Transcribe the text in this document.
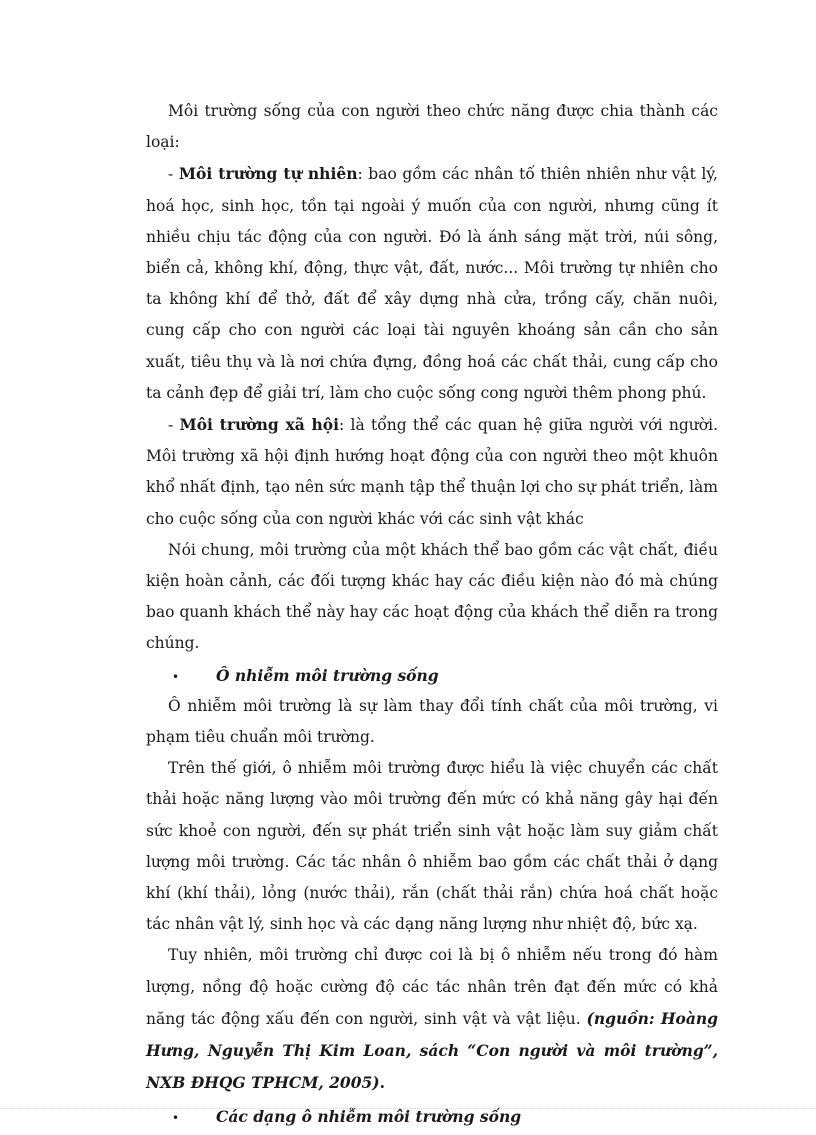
Môi trường sống của con người theo chức năng được chia thành các loại:

- Môi trường tự nhiên: bao gồm các nhân tố thiên nhiên như vật lý, hoá học, sinh học, tồn tại ngoài ý muốn của con người, nhưng cũng ít nhiều chịu tác động của con người. Đó là ánh sáng mặt trời, núi sông, biển cả, không khí, động, thực vật, đất, nước... Môi trường tự nhiên cho ta không khí để thở, đất để xây dựng nhà cửa, trồng cấy, chăn nuôi, cung cấp cho con người các loại tài nguyên khoáng sản cần cho sản xuất, tiêu thụ và là nơi chứa đựng, đồng hoá các chất thải, cung cấp cho ta cảnh đẹp để giải trí, làm cho cuộc sống cong người thêm phong phú.

- Môi trường xã hội: là tổng thể các quan hệ giữa người với người. Môi trường xã hội định hướng hoạt động của con người theo một khuôn khổ nhất định, tạo nên sức mạnh tập thể thuận lợi cho sự phát triển, làm cho cuộc sống của con người khác với các sinh vật khác

Nói chung, môi trường của một khách thể bao gồm các vật chất, điều kiện hoàn cảnh, các đối tượng khác hay các điều kiện nào đó mà chúng bao quanh khách thể này hay các hoạt động của khách thể diễn ra trong chúng.

•	Ô nhiễm môi trường sống

Ô nhiễm môi trường là sự làm thay đổi tính chất của môi trường, vi phạm tiêu chuẩn môi trường.

Trên thế giới, ô nhiễm môi trường được hiểu là việc chuyển các chất thải hoặc năng lượng vào môi trường đến mức có khả năng gây hại đến sức khoẻ con người, đến sự phát triển sinh vật hoặc làm suy giảm chất lượng môi trường. Các tác nhân ô nhiễm bao gồm các chất thải ở dạng khí (khí thải), lỏng (nước thải), rắn (chất thải rắn) chứa hoá chất hoặc tác nhân vật lý, sinh học và các dạng năng lượng như nhiệt độ, bức xạ.

Tuy nhiên, môi trường chỉ được coi là bị ô nhiễm nếu trong đó hàm lượng, nồng độ hoặc cường độ các tác nhân trên đạt đến mức có khả năng tác động xấu đến con người, sinh vật và vật liệu. (nguồn: Hoàng Hưng, Nguyễn Thị Kim Loan, sách “Con người và môi trường”, NXB ĐHQG TPHCM, 2005).

•	Các dạng ô nhiễm môi trường sống
